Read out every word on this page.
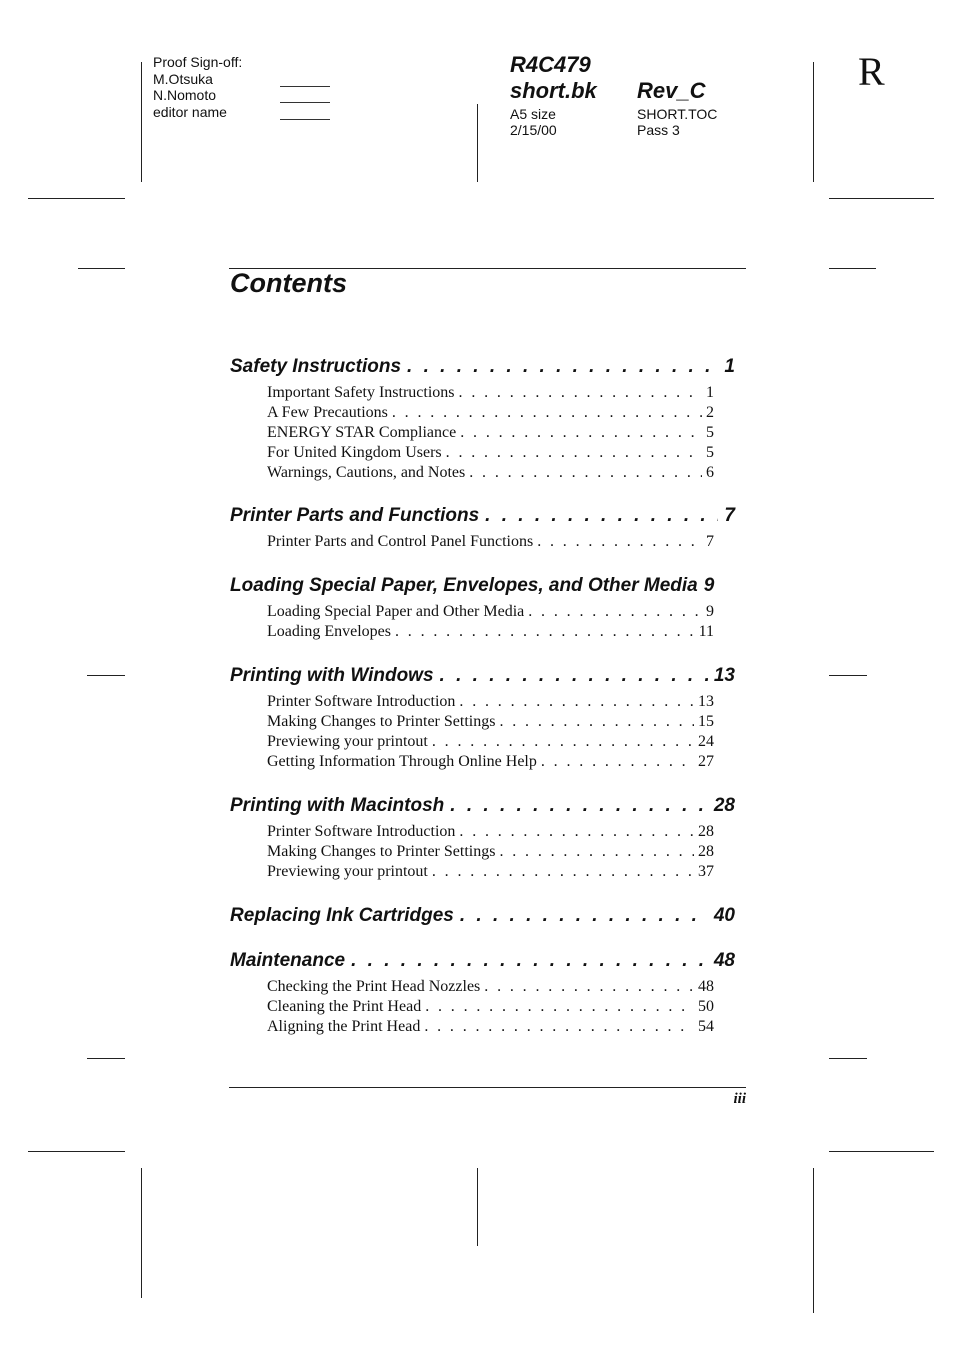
Proof Sign-off:
M.Otsuka
N.Nomoto
editor name
R4C479
short.bk Rev_C
A5 size
2/15/00
SHORT.TOC
Pass 3
R
Contents
Safety Instructions . . .	1
Important Safety Instructions . . .	1
A Few Precautions . . .	2
ENERGY STAR Compliance . . .	5
For United Kingdom Users . . .	5
Warnings, Cautions, and Notes . . .	6
Printer Parts and Functions . . .	7
Printer Parts and Control Panel Functions . . .	7
Loading Special Paper, Envelopes, and Other Media 9
Loading Special Paper and Other Media . . .	9
Loading Envelopes . . .	11
Printing with Windows . . .	13
Printer Software Introduction . . .	13
Making Changes to Printer Settings . . .	15
Previewing your printout . . .	24
Getting Information Through Online Help . . .	27
Printing with Macintosh . . .	28
Printer Software Introduction . . .	28
Making Changes to Printer Settings . . .	28
Previewing your printout . . .	37
Replacing Ink Cartridges . . .	40
Maintenance . . .	48
Checking the Print Head Nozzles . . .	48
Cleaning the Print Head . . .	50
Aligning the Print Head . . .	54
iii
